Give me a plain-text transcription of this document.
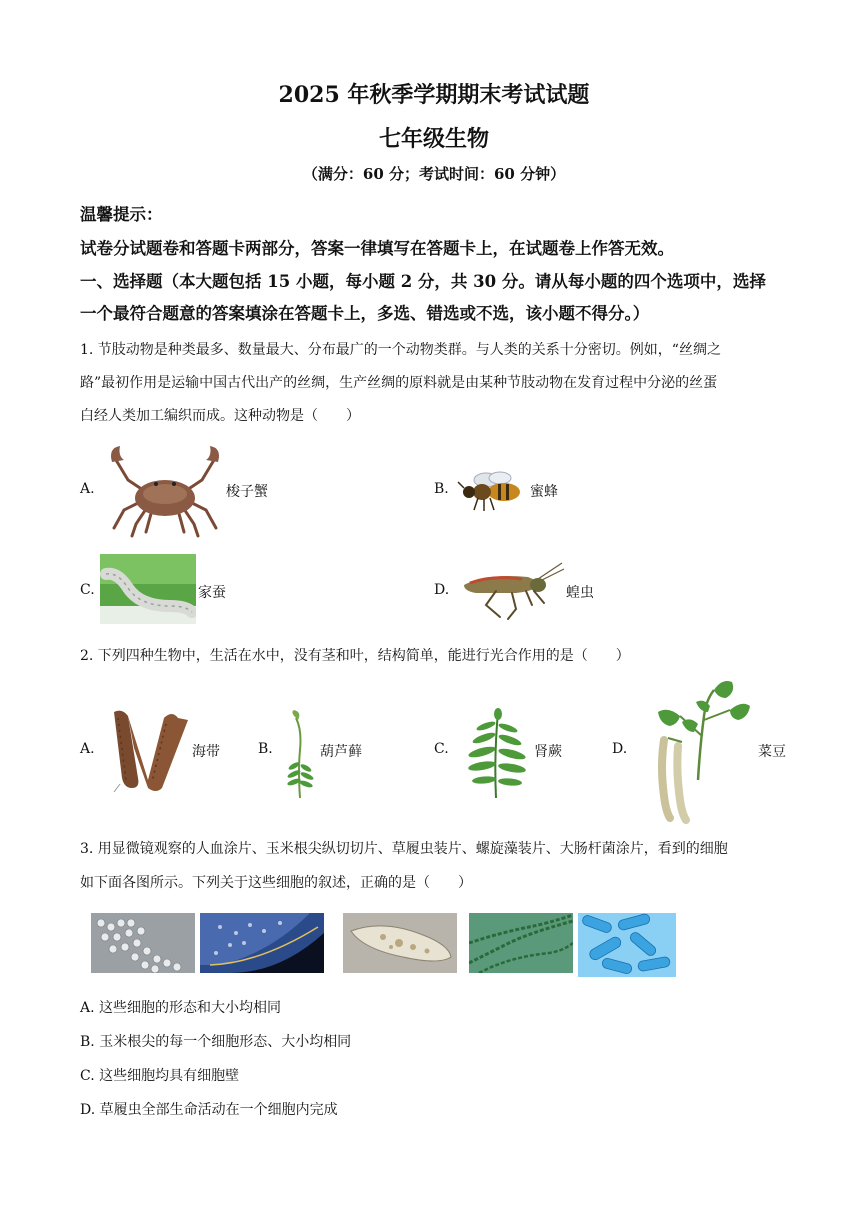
2025 年秋季学期期末考试试题
七年级生物
（满分：60 分；考试时间：60 分钟）
温馨提示：
试卷分试题卷和答题卡两部分，答案一律填写在答题卡上，在试题卷上作答无效。
一、选择题（本大题包括 15 小题，每小题 2 分，共 30 分。请从每小题的四个选项中，选择
一个最符合题意的答案填涂在答题卡上，多选、错选或不选，该小题不得分。）
1. 节肢动物是种类最多、数量最大、分布最广的一个动物类群。与人类的关系十分密切。例如，“丝绸之
路”最初作用是运输中国古代出产的丝绸，生产丝绸的原料就是由某种节肢动物在发育过程中分泌的丝蛋
白经人类加工编织而成。这种动物是（　　）
A.	梭子蟹	B.	蜜蜂
C.	家蚕	D.	蝗虫
2. 下列四种生物中，生活在水中，没有茎和叶，结构简单，能进行光合作用的是（　　）
A.	海带	B.	葫芦藓	C.	肾蕨	D.	菜豆
3. 用显微镜观察的人血涂片、玉米根尖纵切切片、草履虫装片、螺旋藻装片、大肠杆菌涂片，看到的细胞
如下面各图所示。下列关于这些细胞的叙述，正确的是（　　）
A. 这些细胞的形态和大小均相同
B. 玉米根尖的每一个细胞形态、大小均相同
C. 这些细胞均具有细胞壁
D. 草履虫全部生命活动在一个细胞内完成
